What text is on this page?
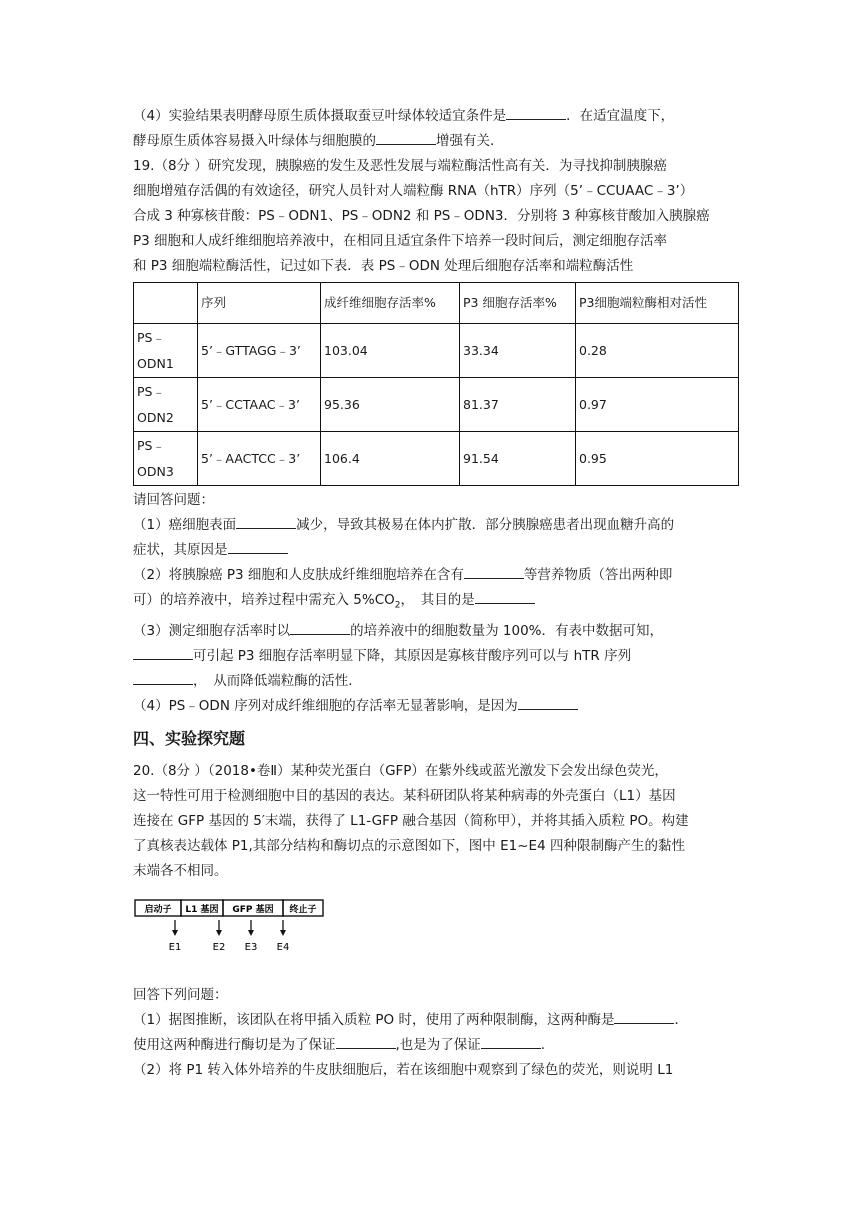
（4）实验结果表明酵母原生质体摄取蚕豆叶绿体较适宜条件是	．在适宜温度下，

酵母原生质体容易摄入叶绿体与细胞膜的	增强有关.

19.（8分 ）研究发现，胰腺癌的发生及恶性发展与端粒酶活性高有关．为寻找抑制胰腺癌

细胞增殖存活偶的有效途径，研究人员针对人端粒酶 RNA（hTR）序列（5’﹣CCUAAC﹣3’）

合成 3 种寡核苷酸：PS﹣ODN1、PS﹣ODN2 和 PS﹣ODN3．分别将 3 种寡核苷酸加入胰腺癌

P3 细胞和人成纤维细胞培养液中，在相同且适宜条件下培养一段时间后，测定细胞存活率

和 P3 细胞端粒酶活性，记过如下表．表 PS﹣ODN 处理后细胞存活率和端粒酶活性

	序列	成纤维细胞存活率%	P3 细胞存活率%	P3细胞端粒酶相对活性
PS﹣ODN1	5’﹣GTTAGG﹣3’	103.04	33.34	0.28
PS﹣ODN2	5’﹣CCTAAC﹣3’	95.36	81.37	0.97
PS﹣ODN3	5’﹣AACTCC﹣3’	106.4	91.54	0.95

请回答问题：

（1）癌细胞表面	减少，导致其极易在体内扩散．部分胰腺癌患者出现血糖升高的

症状，其原因是

（2）将胰腺癌 P3 细胞和人皮肤成纤维细胞培养在含有	等营养物质（答出两种即

可）的培养液中，培养过程中需充入 $5\%CO_2$，　其目的是

（3）测定细胞存活率时以	的培养液中的细胞数量为 100%．有表中数据可知，

可引起 P3 细胞存活率明显下降，其原因是寡核苷酸序列可以与 hTR 序列

，　从而降低端粒酶的活性.

（4）PS﹣ODN 序列对成纤维细胞的存活率无显著影响，是因为

四、实验探究题

20.（8分 ）（2018•卷Ⅱ）某种荧光蛋白（GFP）在紫外线或蓝光激发下会发出绿色荧光，

这一特性可用于检测细胞中目的基因的表达。某科研团队将某种病毒的外壳蛋白（L1）基因

连接在 GFP 基因的 5′末端，获得了 L1-GFP 融合基因（简称甲），并将其插入质粒 PO。构建

了真核表达载体 P1,其部分结构和酶切点的示意图如下，图中 E1~E4 四种限制酶产生的黏性

末端各不相同。

启动子 L1 基因 GFP 基因 终止子
E1	E2 E3 E4

回答下列问题：

（1）据图推断，该团队在将甲插入质粒 PO 时，使用了两种限制酶，这两种酶是	．

使用这两种酶进行酶切是为了保证	,也是为了保证	.

（2）将 P1 转入体外培养的牛皮肤细胞后，若在该细胞中观察到了绿色的荧光，则说明 L1
